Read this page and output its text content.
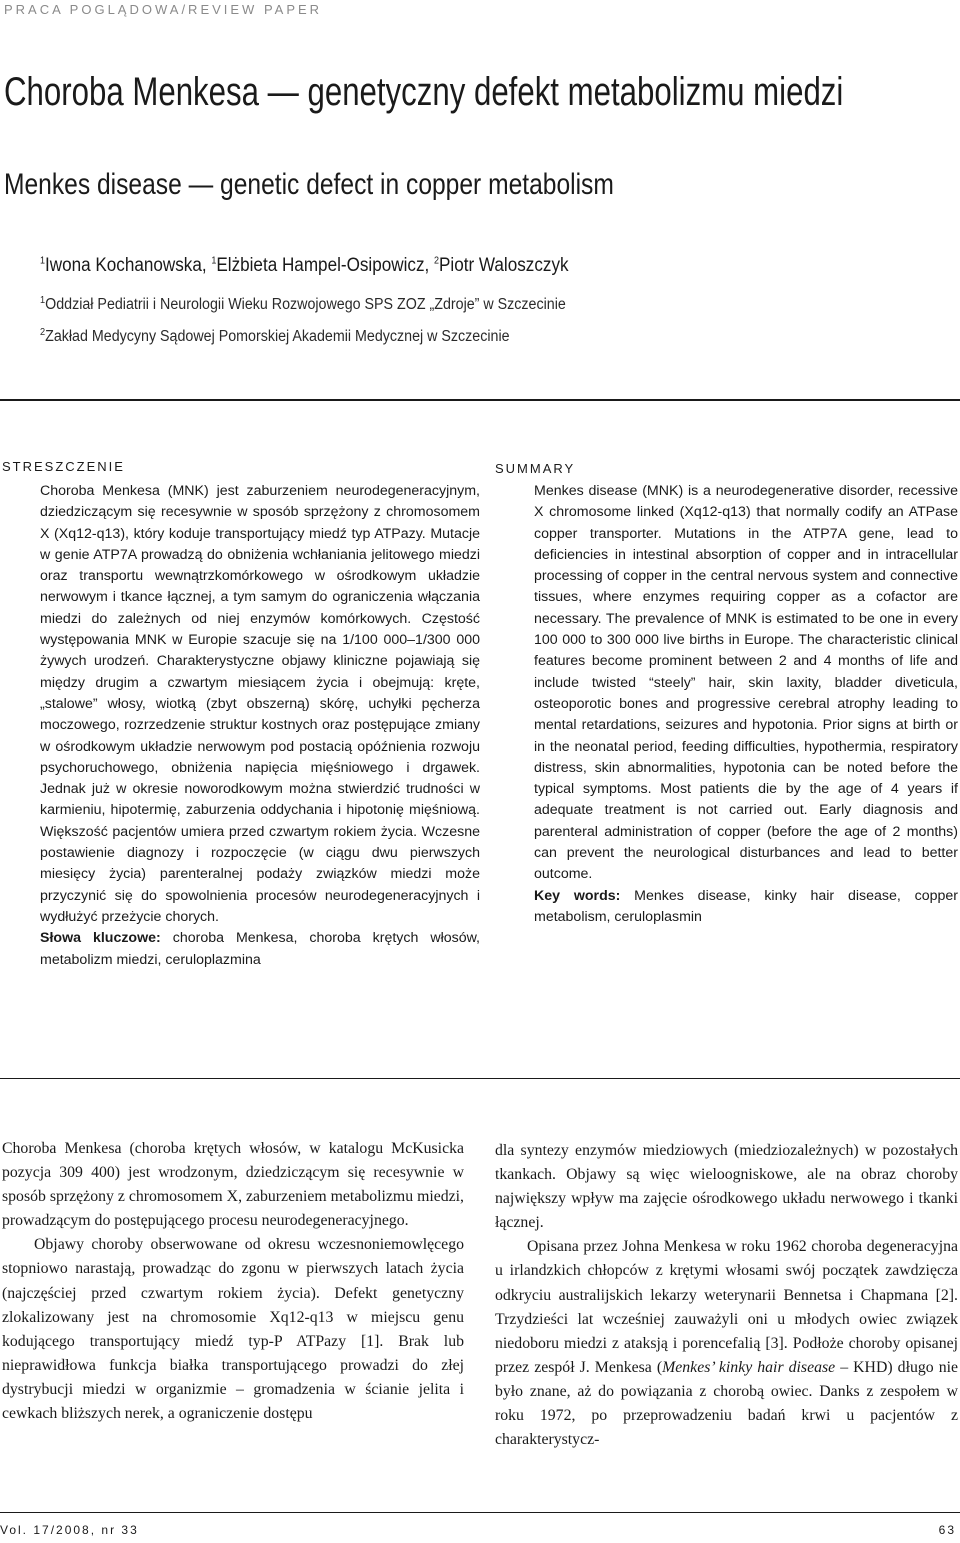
PRACA POGLĄDOWA/REVIEW PAPER
Choroba Menkesa — genetyczny defekt metabolizmu miedzi
Menkes disease — genetic defect in copper metabolism
$^1$Iwona Kochanowska, $^1$Elżbieta Hampel-Osipowicz, $^2$Piotr Waloszczyk
$^1$Oddział Pediatrii i Neurologii Wieku Rozwojowego SPS ZOZ „Zdroje” w Szczecinie
$^2$Zakład Medycyny Sądowej Pomorskiej Akademii Medycznej w Szczecinie
STRESZCZENIE

Choroba Menkesa (MNK) jest zaburzeniem neurodegeneracyjnym, dziedziczącym się recesywnie w sposób sprzężony z chromosomem X (Xq12-q13), który koduje transportujący miedź typ ATPazy. Mutacje w genie ATP7A prowadzą do obniżenia wchłaniania jelitowego miedzi oraz transportu wewnątrzkomórkowego w ośrodkowym układzie nerwowym i tkance łącznej, a tym samym do ograniczenia włączania miedzi do zależnych od niej enzymów komórkowych. Częstość występowania MNK w Europie szacuje się na 1/100 000–1/300 000 żywych urodzeń. Charakterystyczne objawy kliniczne pojawiają się między drugim a czwartym miesiącem życia i obejmują: kręte, „stalowe” włosy, wiotką (zbyt obszerną) skórę, uchyłki pęcherza moczowego, rozrzedzenie struktur kostnych oraz postępujące zmiany w ośrodkowym układzie nerwowym pod postacią opóźnienia rozwoju psychoruchowego, obniżenia napięcia mięśniowego i drgawek. Jednak już w okresie noworodkowym można stwierdzić trudności w karmieniu, hipotermię, zaburzenia oddychania i hipotonię mięśniową. Większość pacjentów umiera przed czwartym rokiem życia. Wczesne postawienie diagnozy i rozpoczęcie (w ciągu dwu pierwszych miesięcy życia) parenteralnej podaży związków miedzi może przyczynić się do spowolnienia procesów neurodegeneracyjnych i wydłużyć przeżycie chorych.

Słowa kluczowe: choroba Menkesa, choroba krętych włosów, metabolizm miedzi, ceruloplazmina

SUMMARY

Menkes disease (MNK) is a neurodegenerative disorder, recessive X chromosome linked (Xq12-q13) that normally codify an ATPase copper transporter. Mutations in the ATP7A gene, lead to deficiencies in intestinal absorption of copper and in intracellular processing of copper in the central nervous system and connective tissues, where enzymes requiring copper as a cofactor are necessary. The prevalence of MNK is estimated to be one in every 100 000 to 300 000 live births in Europe. The characteristic clinical features become prominent between 2 and 4 months of life and include twisted “steely” hair, skin laxity, bladder diveticula, osteoporotic bones and progressive cerebral atrophy leading to mental retardations, seizures and hypotonia. Prior signs at birth or in the neonatal period, feeding difficulties, hypothermia, respiratory distress, skin abnormalities, hypotonia can be noted before the typical symptoms. Most patients die by the age of 4 years if adequate treatment is not carried out. Early diagnosis and parenteral administration of copper (before the age of 2 months) can prevent the neurological disturbances and lead to better outcome.

Key words: Menkes disease, kinky hair disease, copper metabolism, ceruloplasmin

Choroba Menkesa (choroba krętych włosów, w katalogu McKusicka pozycja 309 400) jest wrodzonym, dziedziczącym się recesywnie w sposób sprzężony z chromosomem X, zaburzeniem metabolizmu miedzi, prowadzącym do postępującego procesu neurodegeneracyjnego.

Objawy choroby obserwowane od okresu wczesnoniemowlęcego stopniowo narastają, prowadząc do zgonu w pierwszych latach życia (najczęściej przed czwartym rokiem życia). Defekt genetyczny zlokalizowany jest na chromosomie Xq12-q13 w miejscu genu kodującego transportujący miedź typ-P ATPazy [1]. Brak lub nieprawidłowa funkcja białka transportującego prowadzi do złej dystrybucji miedzi w organizmie – gromadzenia w ścianie jelita i cewkach bliższych nerek, a ograniczenie dostępu

dla syntezy enzymów miedziowych (miedziozależnych) w pozostałych tkankach. Objawy są więc wieloogniskowe, ale na obraz choroby największy wpływ ma zajęcie ośrodkowego układu nerwowego i tkanki łącznej.

Opisana przez Johna Menkesa w roku 1962 choroba degeneracyjna u irlandzkich chłopców z krętymi włosami swój początek zawdzięcza odkryciu australijskich lekarzy weterynarii Bennetsa i Chapmana [2]. Trzydzieści lat wcześniej zauważyli oni u młodych owiec związek niedoboru miedzi z ataksją i porencefalią [3]. Podłoże choroby opisanej przez zespół J. Menkesa (Menkes’ kinky hair disease – KHD) długo nie było znane, aż do powiązania z chorobą owiec. Danks z zespołem w roku 1972, po przeprowadzeniu badań krwi u pacjentów z charakterystycz-

Vol. 17/2008, nr 33	63
